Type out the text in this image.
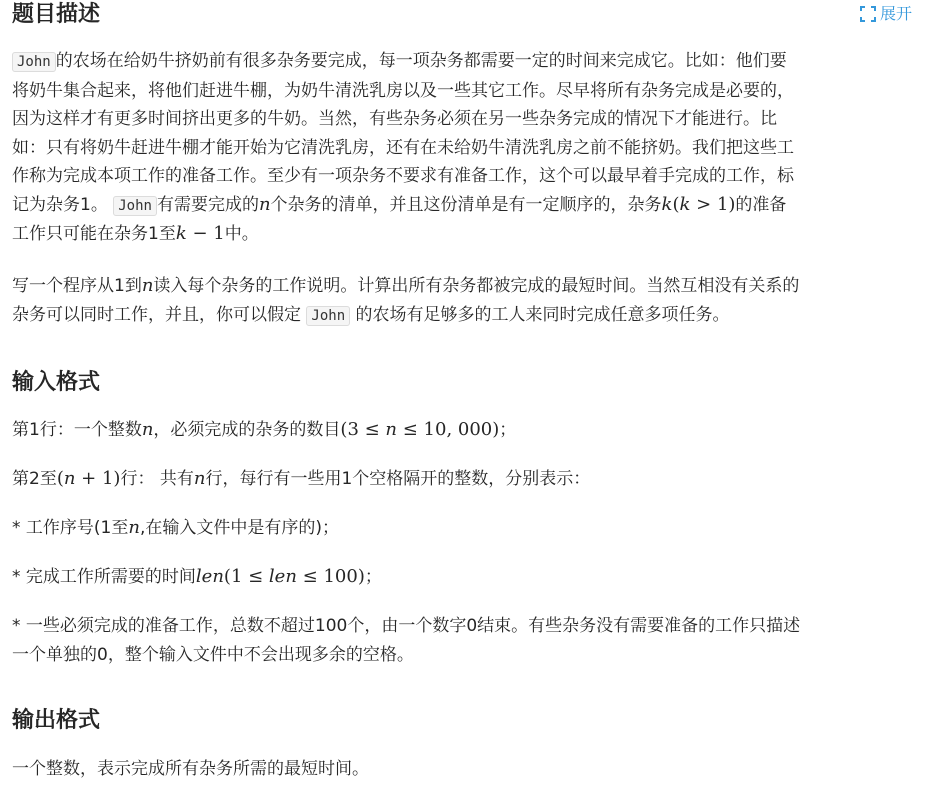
题目描述	展开

John 的农场在给奶牛挤奶前有很多杂务要完成，每一项杂务都需要一定的时间来完成它。比如：他们要

将奶牛集合起来，将他们赶进牛棚，为奶牛清洗乳房以及一些其它工作。尽早将所有杂务完成是必要的，

因为这样才有更多时间挤出更多的牛奶。当然，有些杂务必须在另一些杂务完成的情况下才能进行。比

如：只有将奶牛赶进牛棚才能开始为它清洗乳房，还有在未给奶牛清洗乳房之前不能挤奶。我们把这些工

作称为完成本项工作的准备工作。至少有一项杂务不要求有准备工作，这个可以最早着手完成的工作，标

记为杂务1。 John 有需要完成的n个杂务的清单，并且这份清单是有一定顺序的，杂务k(k > 1)的准备

工作只可能在杂务1至k − 1中。

写一个程序从1到n读入每个杂务的工作说明。计算出所有杂务都被完成的最短时间。当然互相没有关系的

杂务可以同时工作，并且，你可以假定 John 的农场有足够多的工人来同时完成任意多项任务。

输入格式

第1行：一个整数n，必须完成的杂务的数目(3 ≤ n ≤ 10, 000)；

第2至(n + 1)行： 共有n行，每行有一些用1个空格隔开的整数，分别表示：

* 工作序号(1至n,在输入文件中是有序的)；

* 完成工作所需要的时间len(1 ≤ len ≤ 100)；

* 一些必须完成的准备工作，总数不超过100个，由一个数字0结束。有些杂务没有需要准备的工作只描述

一个单独的0，整个输入文件中不会出现多余的空格。

输出格式

一个整数，表示完成所有杂务所需的最短时间。
